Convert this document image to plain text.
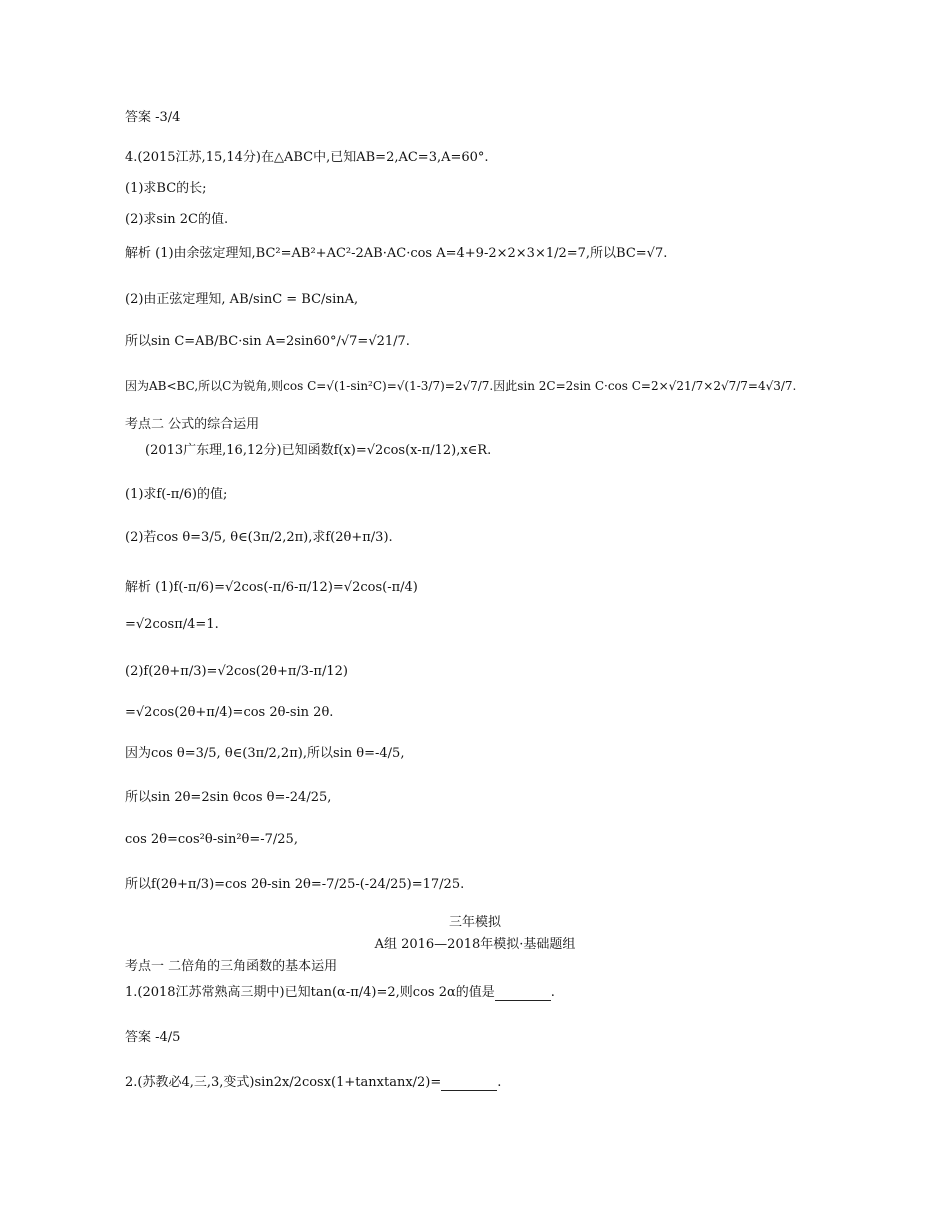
答案 -3/4
4.(2015江苏,15,14分)在△ABC中,已知AB=2,AC=3,A=60°.
(1)求BC的长;
(2)求sin 2C的值.
解析 (1)由余弦定理知,BC²=AB²+AC²-2AB·AC·cos A=4+9-2×2×3×1/2=7,所以BC=√7.
(2)由正弦定理知, AB/sinC = BC/sinA,
所以sin C=AB/BC·sin A=2sin60°/√7=√21/7.
因为AB<BC,所以C为锐角,则cos C=√(1-sin²C)=√(1-3/7)=2√7/7.因此sin 2C=2sin C·cos C=2×√21/7×2√7/7=4√3/7.
考点二 公式的综合运用
(2013广东理,16,12分)已知函数f(x)=√2cos(x-π/12),x∈R.
(1)求f(-π/6)的值;
(2)若cos θ=3/5, θ∈(3π/2,2π),求f(2θ+π/3).
解析 (1)f(-π/6)=√2cos(-π/6-π/12)=√2cos(-π/4)
=√2cosπ/4=1.
(2)f(2θ+π/3)=√2cos(2θ+π/3-π/12)
=√2cos(2θ+π/4)=cos 2θ-sin 2θ.
因为cos θ=3/5, θ∈(3π/2,2π),所以sin θ=-4/5,
所以sin 2θ=2sin θcos θ=-24/25,
cos 2θ=cos²θ-sin²θ=-7/25,
所以f(2θ+π/3)=cos 2θ-sin 2θ=-7/25-(-24/25)=17/25.
三年模拟
A组 2016—2018年模拟·基础题组
考点一 二倍角的三角函数的基本运用
1.(2018江苏常熟高三期中)已知tan(α-π/4)=2,则cos 2α的值是	.
答案 -4/5
2.(苏教必4,三,3,变式)sin2x/2cosx(1+tanxtanx/2)=	.
